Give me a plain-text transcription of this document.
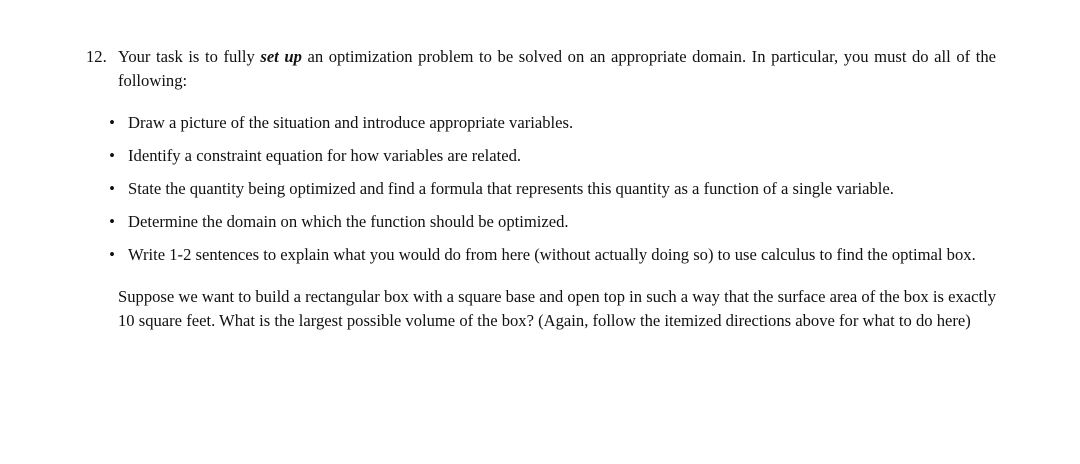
12. Your task is to fully set up an optimization problem to be solved on an appropriate domain. In particular, you must do all of the following:

• Draw a picture of the situation and introduce appropriate variables.
• Identify a constraint equation for how variables are related.
• State the quantity being optimized and find a formula that represents this quantity as a function of a single variable.
• Determine the domain on which the function should be optimized.
• Write 1-2 sentences to explain what you would do from here (without actually doing so) to use calculus to find the optimal box.

Suppose we want to build a rectangular box with a square base and open top in such a way that the surface area of the box is exactly 10 square feet. What is the largest possible volume of the box? (Again, follow the itemized directions above for what to do here)
